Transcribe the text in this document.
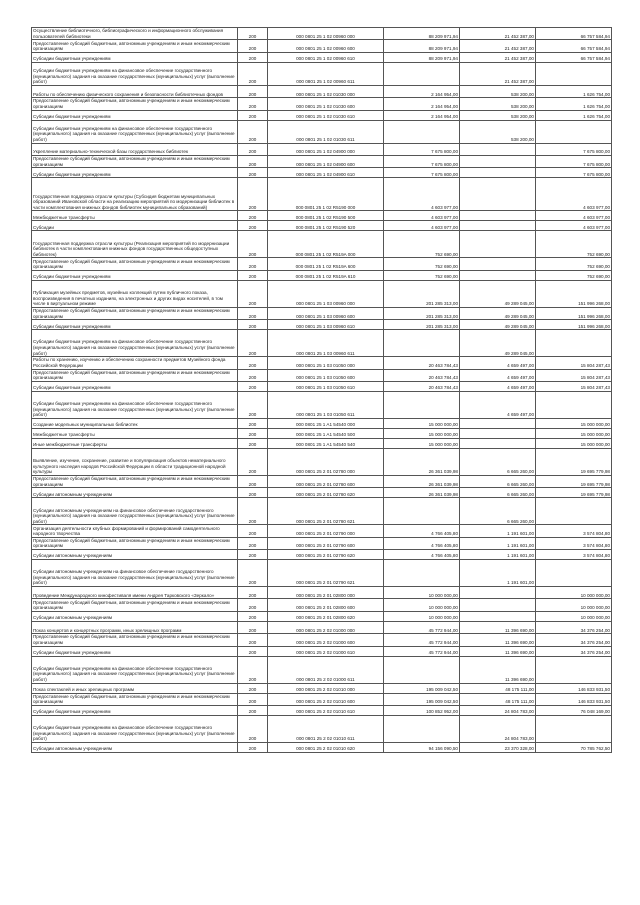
Осуществление библиотечного, библиографического и информационного обслуживания пользователей библиотеки	200	000 0801 25 1 02 00960 000	88 209 971,94	21 452 387,00	66 757 584,94
Предоставление субсидий бюджетным, автономным учреждениям и иным некоммерческим организациям	200	000 0801 25 1 02 00960 600	88 209 971,94	21 452 387,00	66 757 584,94
Субсидии бюджетным учреждениям	200	000 0801 25 1 02 00960 610	88 209 971,94	21 452 387,00	66 757 584,94
Субсидии бюджетным учреждениям на финансовое обеспечение государственного (муниципального) задания на оказание государственных (муниципальных) услуг (выполнение работ)	200	000 0801 25 1 02 00960 611		21 452 387,00	
Работы по обеспечению физического сохранения и безопасности библиотечных фондов	200	000 0801 25 1 02 01030 000	2 164 954,00	538 200,00	1 626 754,00
Предоставление субсидий бюджетным, автономным учреждениям и иным некоммерческим организациям	200	000 0801 25 1 02 01030 600	2 164 954,00	538 200,00	1 626 754,00
Субсидии бюджетным учреждениям	200	000 0801 25 1 02 01030 610	2 164 954,00	538 200,00	1 626 754,00
Субсидии бюджетным учреждениям на финансовое обеспечение государственного (муниципального) задания на оказание государственных (муниципальных) услуг (выполнение работ)	200	000 0801 25 1 02 01030 611		538 200,00	
Укрепление материально-технической базы государственных библиотек	200	000 0801 25 1 02 04900 000	7 675 800,00		7 675 800,00
Предоставление субсидий бюджетным, автономным учреждениям и иным некоммерческим организациям	200	000 0801 25 1 02 04900 600	7 675 800,00		7 675 800,00
Субсидии бюджетным учреждениям	200	000 0801 25 1 02 04900 610	7 675 800,00		7 675 800,00
Государственная поддержка отрасли культуры (Субсидия бюджетам муниципальных образований Ивановской области на реализацию мероприятий по модернизации библиотек в части комплектования книжных фондов библиотек муниципальных образований)	200	000 0801 25 1 02 R5190 000	4 603 977,00		4 603 977,00
Межбюджетные трансферты	200	000 0801 25 1 02 R5190 500	4 603 977,00		4 603 977,00
Субсидии	200	000 0801 25 1 02 R5190 520	4 603 977,00		4 603 977,00
Государственная поддержка отрасли культуры (Реализация мероприятий по модернизации библиотек в части комплектования книжных фондов государственных общедоступных библиотек)	200	000 0801 25 1 02 R519A 000	752 690,00		752 690,00
Предоставление субсидий бюджетным, автономным учреждениям и иным некоммерческим организациям	200	000 0801 25 1 02 R519A 600	752 690,00		752 690,00
Субсидии бюджетным учреждениям	200	000 0801 25 1 02 R519A 610	752 690,00		752 690,00
Публикация музейных предметов, музейных коллекций путем публичного показа, воспроизведения в печатных изданиях, на электронных и других видах носителей, в том числе в виртуальном режиме	200	000 0801 25 1 03 00960 000	201 285 313,00	49 289 045,00	151 996 268,00
Предоставление субсидий бюджетным, автономным учреждениям и иным некоммерческим организациям	200	000 0801 25 1 03 00960 600	201 285 313,00	49 289 045,00	151 996 268,00
Субсидии бюджетным учреждениям	200	000 0801 25 1 03 00960 610	201 285 313,00	49 289 045,00	151 996 268,00
Субсидии бюджетным учреждениям на финансовое обеспечение государственного (муниципального) задания на оказание государственных (муниципальных) услуг (выполнение работ)	200	000 0801 25 1 03 00960 611		49 289 045,00	
Работы по хранению, изучению и обеспечению сохранности предметов Музейного фонда Российской Федерации	200	000 0801 25 1 03 01050 000	20 463 784,43	4 659 497,00	15 804 287,43
Предоставление субсидий бюджетным, автономным учреждениям и иным некоммерческим организациям	200	000 0801 25 1 03 01050 600	20 463 784,43	4 659 497,00	15 804 287,43
Субсидии бюджетным учреждениям	200	000 0801 25 1 03 01050 610	20 463 784,43	4 659 497,00	15 804 287,43
Субсидии бюджетным учреждениям на финансовое обеспечение государственного (муниципального) задания на оказание государственных (муниципальных) услуг (выполнение работ)	200	000 0801 25 1 03 01050 611		4 659 497,00	
Создание модельных муниципальных библиотек	200	000 0801 25 1 A1 54540 000	15 000 000,00		15 000 000,00
Межбюджетные трансферты	200	000 0801 25 1 A1 54540 500	15 000 000,00		15 000 000,00
Иные межбюджетные трансферты	200	000 0801 25 1 A1 54540 540	15 000 000,00		15 000 000,00
Выявление, изучение, сохранение, развитие и популяризация объектов нематериального культурного наследия народов Российской Федерации в области традиционной народной культуры	200	000 0801 25 2 01 02780 000	26 361 039,98	6 665 260,00	19 695 779,98
Предоставление субсидий бюджетным, автономным учреждениям и иным некоммерческим организациям	200	000 0801 25 2 01 02780 600	26 361 039,98	6 665 260,00	19 695 779,98
Субсидии автономным учреждениям	200	000 0801 25 2 01 02780 620	26 361 039,98	6 665 260,00	19 695 779,98
Субсидии автономным учреждениям на финансовое обеспечение государственного (муниципального) задания на оказание государственных (муниципальных) услуг (выполнение работ)	200	000 0801 25 2 01 02780 621		6 665 260,00	
Организация деятельности клубных формирований и формирований самодеятельного народного творчества	200	000 0801 25 2 01 02790 000	4 766 405,80	1 191 601,00	3 574 804,80
Предоставление субсидий бюджетным, автономным учреждениям и иным некоммерческим организациям	200	000 0801 25 2 01 02790 600	4 766 405,80	1 191 601,00	3 574 804,80
Субсидии автономным учреждениям	200	000 0801 25 2 01 02790 620	4 766 405,80	1 191 601,00	3 574 804,80
Субсидии автономным учреждениям на финансовое обеспечение государственного (муниципального) задания на оказание государственных (муниципальных) услуг (выполнение работ)	200	000 0801 25 2 01 02790 621		1 191 601,00	
Проведение Международного кинофестиваля имени Андрея Тарковского «Зеркало»	200	000 0801 25 2 01 02800 000	10 000 000,00		10 000 000,00
Предоставление субсидий бюджетным, автономным учреждениям и иным некоммерческим организациям	200	000 0801 25 2 01 02800 600	10 000 000,00		10 000 000,00
Субсидии автономным учреждениям	200	000 0801 25 2 01 02800 620	10 000 000,00		10 000 000,00
Показ концертов и концертных программ, иных зрелищных программ	200	000 0801 25 2 02 01000 000	45 772 944,00	11 396 690,00	34 376 254,00
Предоставление субсидий бюджетным, автономным учреждениям и иным некоммерческим организациям	200	000 0801 25 2 02 01000 600	45 772 944,00	11 396 690,00	34 376 254,00
Субсидии бюджетным учреждениям	200	000 0801 25 2 02 01000 610	45 772 944,00	11 396 690,00	34 376 254,00
Субсидии бюджетным учреждениям на финансовое обеспечение государственного (муниципального) задания на оказание государственных (муниципальных) услуг (выполнение работ)	200	000 0801 25 2 02 01000 611		11 396 690,00	
Показ спектаклей и иных зрелищных программ	200	000 0801 25 2 02 01010 000	195 009 042,50	48 175 111,00	146 833 931,50
Предоставление субсидий бюджетным, автономным учреждениям и иным некоммерческим организациям	200	000 0801 25 2 02 01010 600	195 009 042,50	48 175 111,00	146 833 931,50
Субсидии бюджетным учреждениям	200	000 0801 25 2 02 01010 610	100 852 952,00	24 804 783,00	76 048 169,00
Субсидии бюджетным учреждениям на финансовое обеспечение государственного (муниципального) задания на оказание государственных (муниципальных) услуг (выполнение работ)	200	000 0801 25 2 02 01010 611		24 804 783,00	
Субсидии автономным учреждениям	200	000 0801 25 2 02 01010 620	94 156 090,50	23 370 328,00	70 785 762,50
